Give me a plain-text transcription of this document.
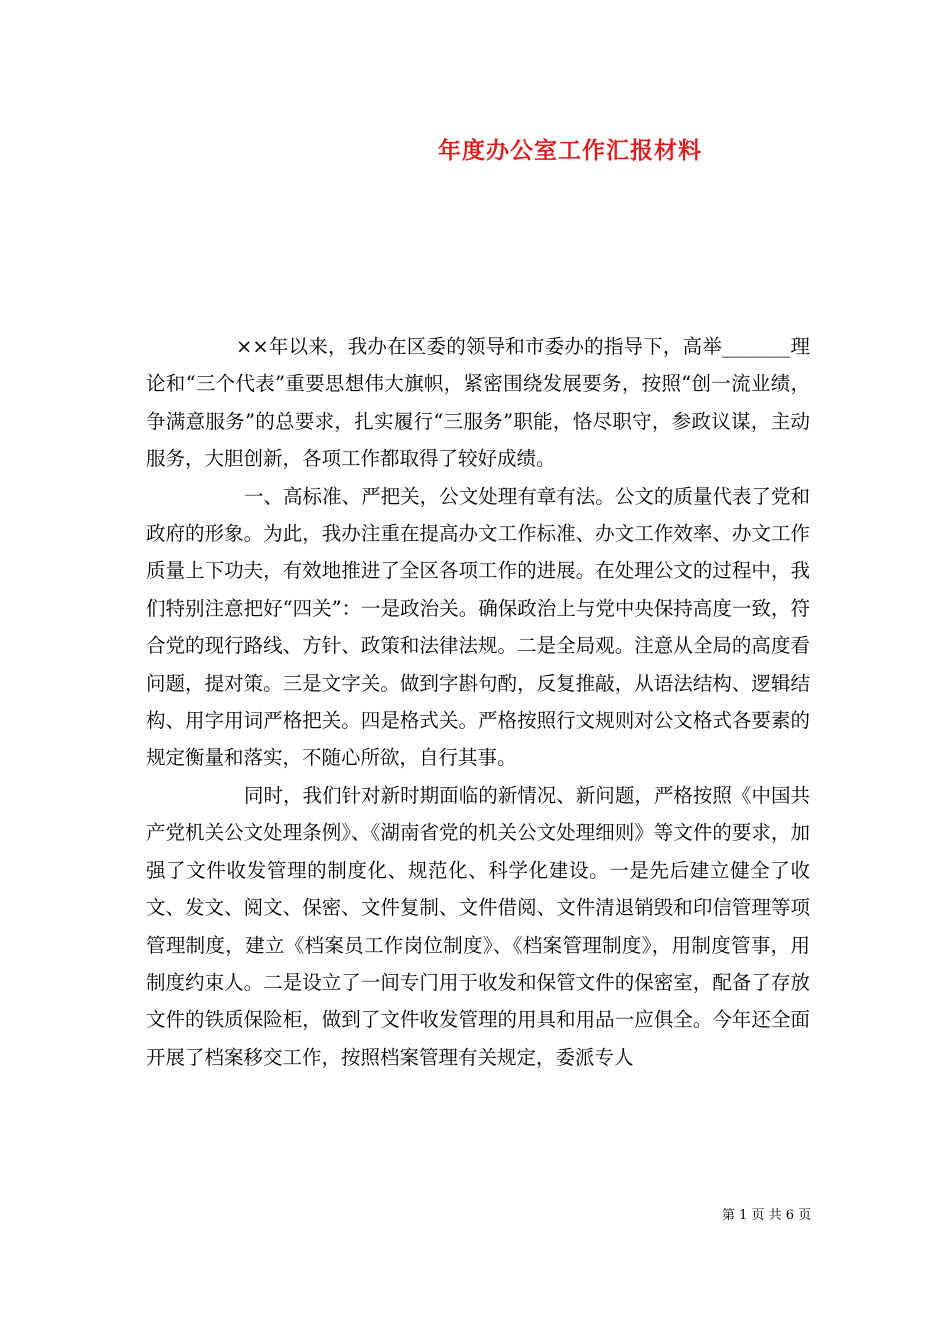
年度办公室工作汇报材料

××年以来，我办在区委的领导和市委办的指导下，高举_______理论和“三个代表”重要思想伟大旗帜，紧密围绕发展要务，按照“创一流业绩，争满意服务”的总要求，扎实履行“三服务”职能，恪尽职守，参政议谋，主动服务，大胆创新，各项工作都取得了较好成绩。

一、高标准、严把关，公文处理有章有法。公文的质量代表了党和政府的形象。为此，我办注重在提高办文工作标准、办文工作效率、办文工作质量上下功夫，有效地推进了全区各项工作的进展。在处理公文的过程中，我们特别注意把好“四关”：一是政治关。确保政治上与党中央保持高度一致，符合党的现行路线、方针、政策和法律法规。二是全局观。注意从全局的高度看问题，提对策。三是文字关。做到字斟句酌，反复推敲，从语法结构、逻辑结构、用字用词严格把关。四是格式关。严格按照行文规则对公文格式各要素的规定衡量和落实，不随心所欲，自行其事。

同时，我们针对新时期面临的新情况、新问题，严格按照《中国共产党机关公文处理条例》、《湖南省党的机关公文处理细则》等文件的要求，加强了文件收发管理的制度化、规范化、科学化建设。一是先后建立健全了收文、发文、阅文、保密、文件复制、文件借阅、文件清退销毁和印信管理等项管理制度，建立《档案员工作岗位制度》、《档案管理制度》，用制度管事，用制度约束人。二是设立了一间专门用于收发和保管文件的保密室，配备了存放文件的铁质保险柜，做到了文件收发管理的用具和用品一应俱全。今年还全面开展了档案移交工作，按照档案管理有关规定，委派专人

第 1 页 共 6 页
